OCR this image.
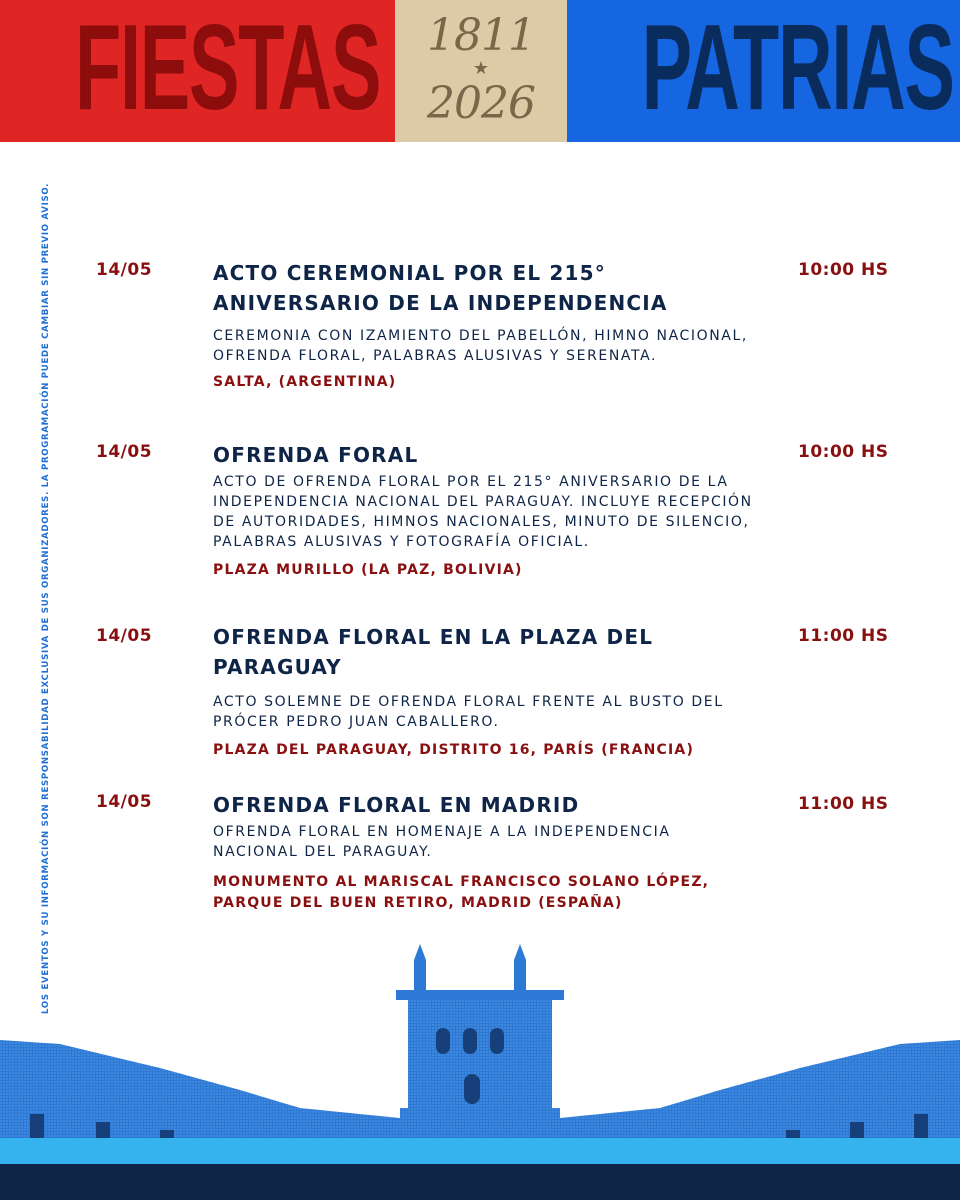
FIESTAS	1811
★
2026 PATRIAS
LOS EVENTOS Y SU INFORMACIÓN SON RESPONSABILIDAD EXCLUSIVA DE SUS ORGANIZADORES. LA PROGRAMACIÓN PUEDE CAMBIAR SIN PREVIO AVISO.	14/05	ACTO CEREMONIAL POR EL 215° ANIVERSARIO DE LA INDEPENDENCIA

CEREMONIA CON IZAMIENTO DEL PABELLÓN, HIMNO NACIONAL, OFRENDA FLORAL, PALABRAS ALUSIVAS Y SERENATA.

SALTA, (ARGENTINA)

10:00 HS
14/05	OFRENDA FORAL

ACTO DE OFRENDA FLORAL POR EL 215° ANIVERSARIO DE LA INDEPENDENCIA NACIONAL DEL PARAGUAY. INCLUYE RECEPCIÓN DE AUTORIDADES, HIMNOS NACIONALES, MINUTO DE SILENCIO, PALABRAS ALUSIVAS Y FOTOGRAFÍA OFICIAL.

PLAZA MURILLO (LA PAZ, BOLIVIA)

10:00 HS
14/05	OFRENDA FLORAL EN LA PLAZA DEL PARAGUAY

ACTO SOLEMNE DE OFRENDA FLORAL FRENTE AL BUSTO DEL PRÓCER PEDRO JUAN CABALLERO.

PLAZA DEL PARAGUAY, DISTRITO 16, PARÍS (FRANCIA)

11:00 HS
14/05	OFRENDA FLORAL EN MADRID

OFRENDA FLORAL EN HOMENAJE A LA INDEPENDENCIA NACIONAL DEL PARAGUAY.

MONUMENTO AL MARISCAL FRANCISCO SOLANO LÓPEZ, PARQUE DEL BUEN RETIRO, MADRID (ESPAÑA)

11:00 HS
